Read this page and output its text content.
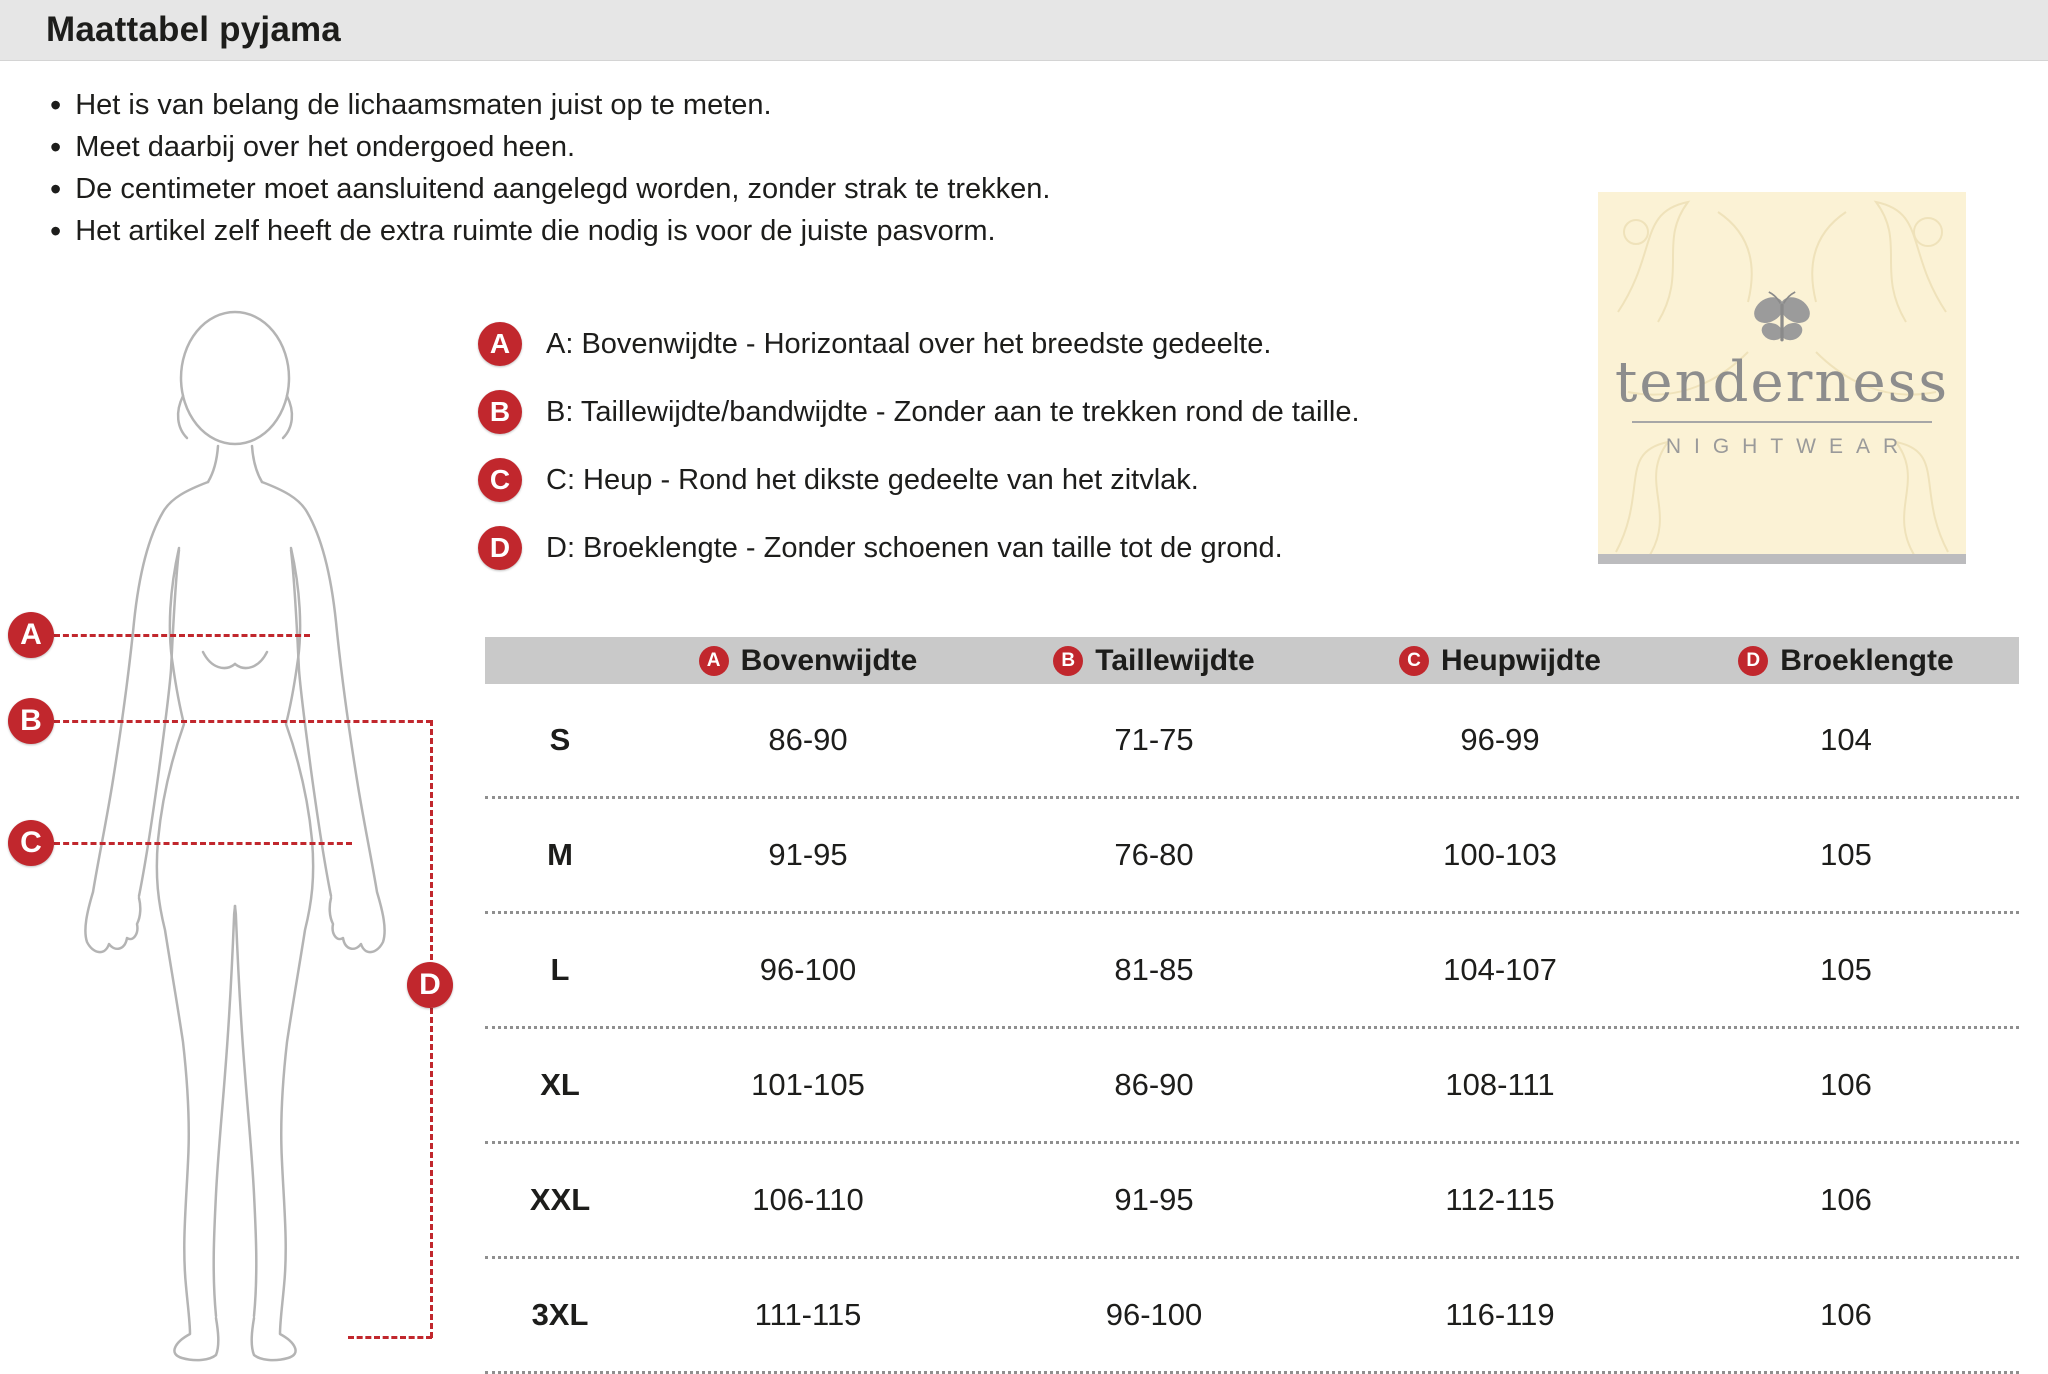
Maattabel pyjama
• Het is van belang de lichaamsmaten juist op te meten.
• Meet daarbij over het ondergoed heen.
• De centimeter moet aansluitend aangelegd worden, zonder strak te trekken.
• Het artikel zelf heeft de extra ruimte die nodig is voor de juiste pasvorm.
A
B
C
D
A	A: Bovenwijdte - Horizontaal over het breedste gedeelte.
B	B: Taillewijdte/bandwijdte - Zonder aan te trekken rond de taille.
C	C: Heup - Rond het dikste gedeelte van het zitvlak.
D	D: Broeklengte - Zonder schoenen van taille tot de grond.
tenderness
NIGHTWEAR
A Bovenwijdte	B Taillewijdte	C Heupwijdte	D Broeklengte
S	86-90	71-75	96-99	104
M	91-95	76-80	100-103	105
L	96-100	81-85	104-107	105
XL	101-105	86-90	108-111	106
XXL	106-110	91-95	112-115	106
3XL	111-115	96-100	116-119	106
